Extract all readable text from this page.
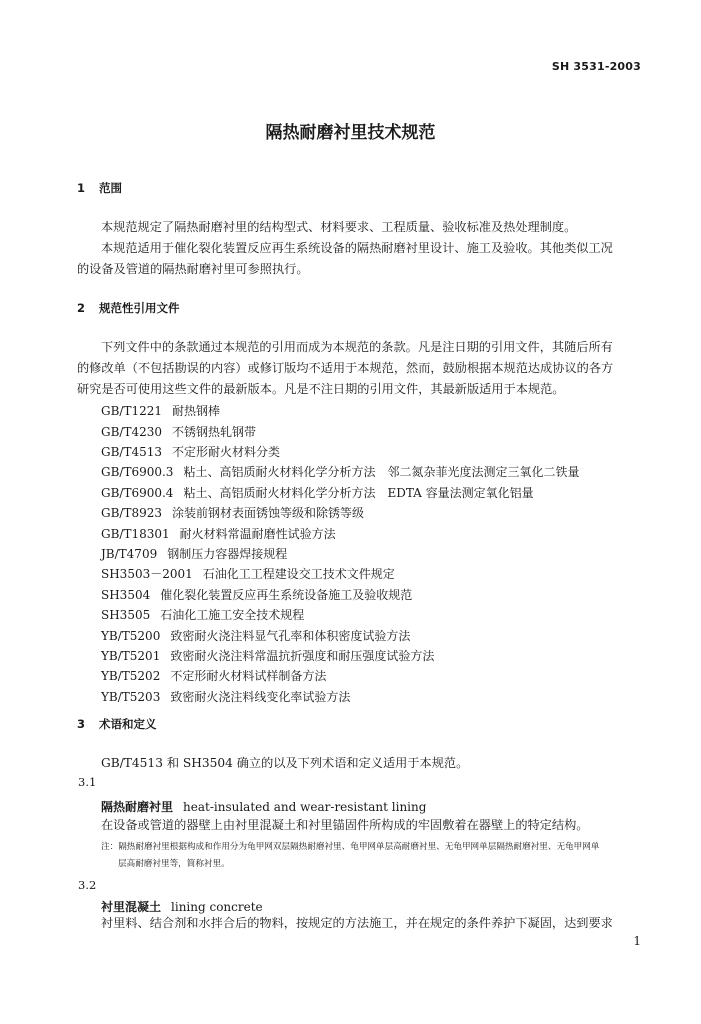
SH 3531-2003
隔热耐磨衬里技术规范
1 范围
本规范规定了隔热耐磨衬里的结构型式、材料要求、工程质量、验收标准及热处理制度。
本规范适用于催化裂化装置反应再生系统设备的隔热耐磨衬里设计、施工及验收。其他类似工况
的设备及管道的隔热耐磨衬里可参照执行。
2 规范性引用文件
下列文件中的条款通过本规范的引用而成为本规范的条款。凡是注日期的引用文件，其随后所有
的修改单（不包括勘误的内容）或修订版均不适用于本规范，然而，鼓励根据本规范达成协议的各方
研究是否可使用这些文件的最新版本。凡是不注日期的引用文件，其最新版适用于本规范。
GB/T1221 耐热钢棒
GB/T4230 不锈钢热轧钢带
GB/T4513 不定形耐火材料分类
GB/T6900.3 粘土、高铝质耐火材料化学分析方法　邻二氮杂菲光度法测定三氧化二铁量
GB/T6900.4 粘土、高铝质耐火材料化学分析方法　EDTA 容量法测定氧化铝量
GB/T8923 涂装前钢材表面锈蚀等级和除锈等级
GB/T18301 耐火材料常温耐磨性试验方法
JB/T4709 钢制压力容器焊接规程
SH3503－2001 石油化工工程建设交工技术文件规定
SH3504 催化裂化装置反应再生系统设备施工及验收规范
SH3505 石油化工施工安全技术规程
YB/T5200 致密耐火浇注料显气孔率和体积密度试验方法
YB/T5201 致密耐火浇注料常温抗折强度和耐压强度试验方法
YB/T5202 不定形耐火材料试样制备方法
YB/T5203 致密耐火浇注料线变化率试验方法
3 术语和定义
GB/T4513 和 SH3504 确立的以及下列术语和定义适用于本规范。
3.1
隔热耐磨衬里 heat-insulated and wear-resistant lining
在设备或管道的器壁上由衬里混凝土和衬里锚固件所构成的牢固敷着在器壁上的特定结构。
注：隔热耐磨衬里根据构成和作用分为龟甲网双层隔热耐磨衬里、龟甲网单层高耐磨衬里、无龟甲网单层隔热耐磨衬里、无龟甲网单
层高耐磨衬里等，简称衬里。
3.2
衬里混凝土 lining concrete
衬里料、结合剂和水拌合后的物料，按规定的方法施工，并在规定的条件养护下凝固，达到要求
1
